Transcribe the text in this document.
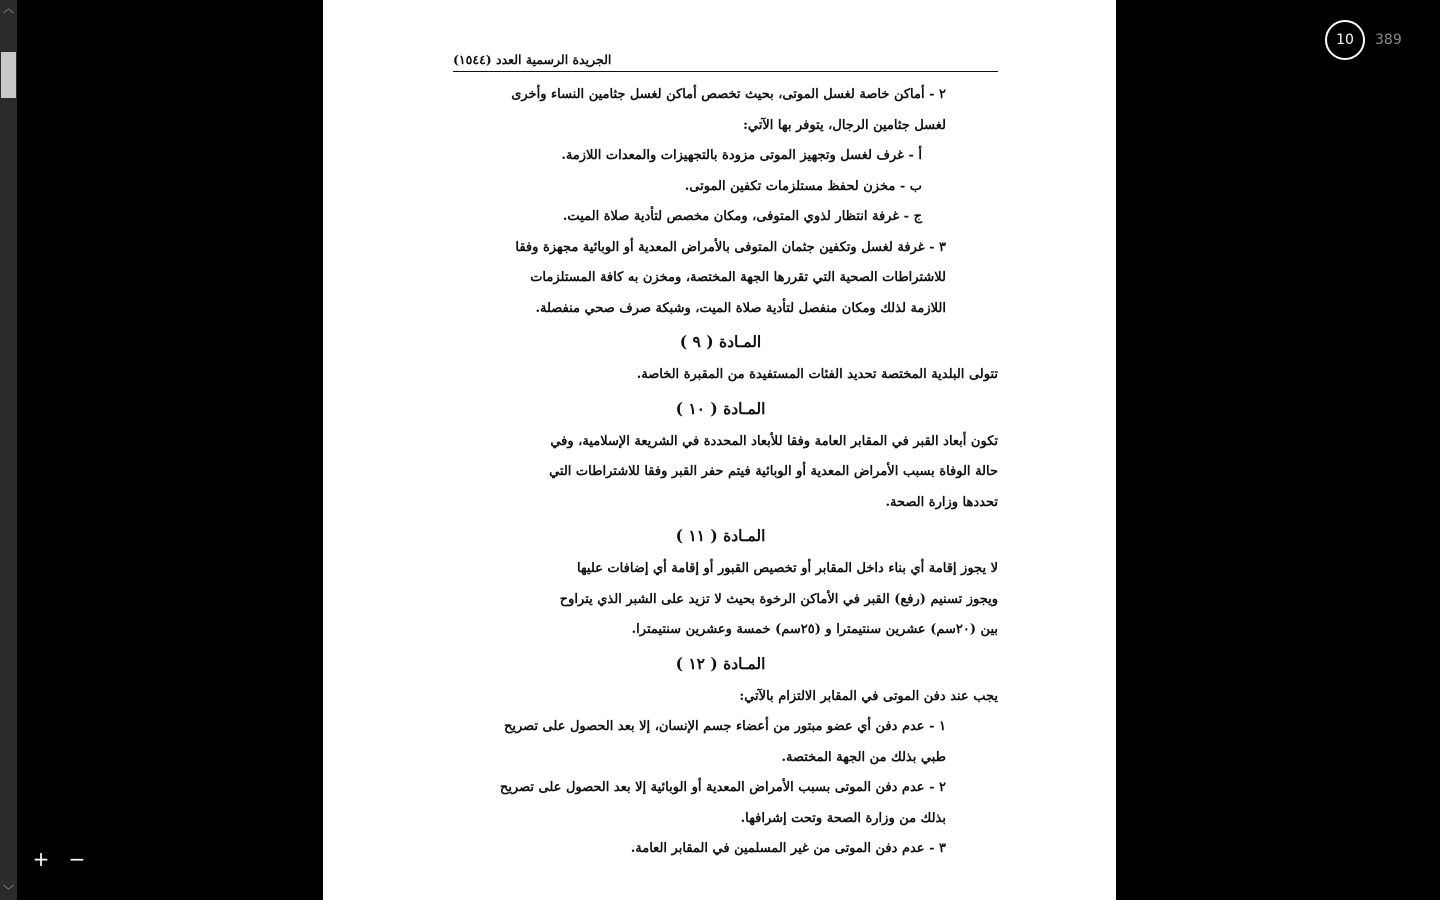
︿
﹀
+ −
10	389
الجريدة الرسمية العدد (١٥٤٤)
٢ - أماكن خاصة لغسل الموتى، بحيث تخصص أماكن لغسل جثامين النساء وأخرى
لغسل جثامين الرجال، يتوفر بها الآتي:
أ - غرف لغسل وتجهيز الموتى مزودة بالتجهيزات والمعدات اللازمة.
ب - مخزن لحفظ مستلزمات تكفين الموتى.
ج - غرفة انتظار لذوي المتوفى، ومكان مخصص لتأدية صلاة الميت.
٣ - غرفة لغسل وتكفين جثمان المتوفى بالأمراض المعدية أو الوبائية مجهزة وفقا
للاشتراطات الصحية التي تقررها الجهة المختصة، ومخزن به كافة المستلزمات
اللازمة لذلك ومكان منفصل لتأدية صلاة الميت، وشبكة صرف صحي منفصلة.
المـادة ( ٩ )
تتولى البلدية المختصة تحديد الفئات المستفيدة من المقبرة الخاصة.
المـادة ( ١٠ )
تكون أبعاد القبر في المقابر العامة وفقا للأبعاد المحددة في الشريعة الإسلامية، وفي
حالة الوفاة بسبب الأمراض المعدية أو الوبائية فيتم حفر القبر وفقا للاشتراطات التي
تحددها وزارة الصحة.
المـادة ( ١١ )
لا يجوز إقامة أي بناء داخل المقابر أو تخصيص القبور أو إقامة أي إضافات عليها
ويجوز تسنيم (رفع) القبر في الأماكن الرخوة بحيث لا تزيد على الشبر الذي يتراوح
بين (٢٠سم) عشرين سنتيمترا و (٢٥سم) خمسة وعشرين سنتيمترا.
المـادة ( ١٢ )
يجب عند دفن الموتى في المقابر الالتزام بالآتي:
١ - عدم دفن أي عضو مبتور من أعضاء جسم الإنسان، إلا بعد الحصول على تصريح
طبي بذلك من الجهة المختصة.
٢ - عدم دفن الموتى بسبب الأمراض المعدية أو الوبائية إلا بعد الحصول على تصريح
بذلك من وزارة الصحة وتحت إشرافها.
٣ - عدم دفن الموتى من غير المسلمين في المقابر العامة.
